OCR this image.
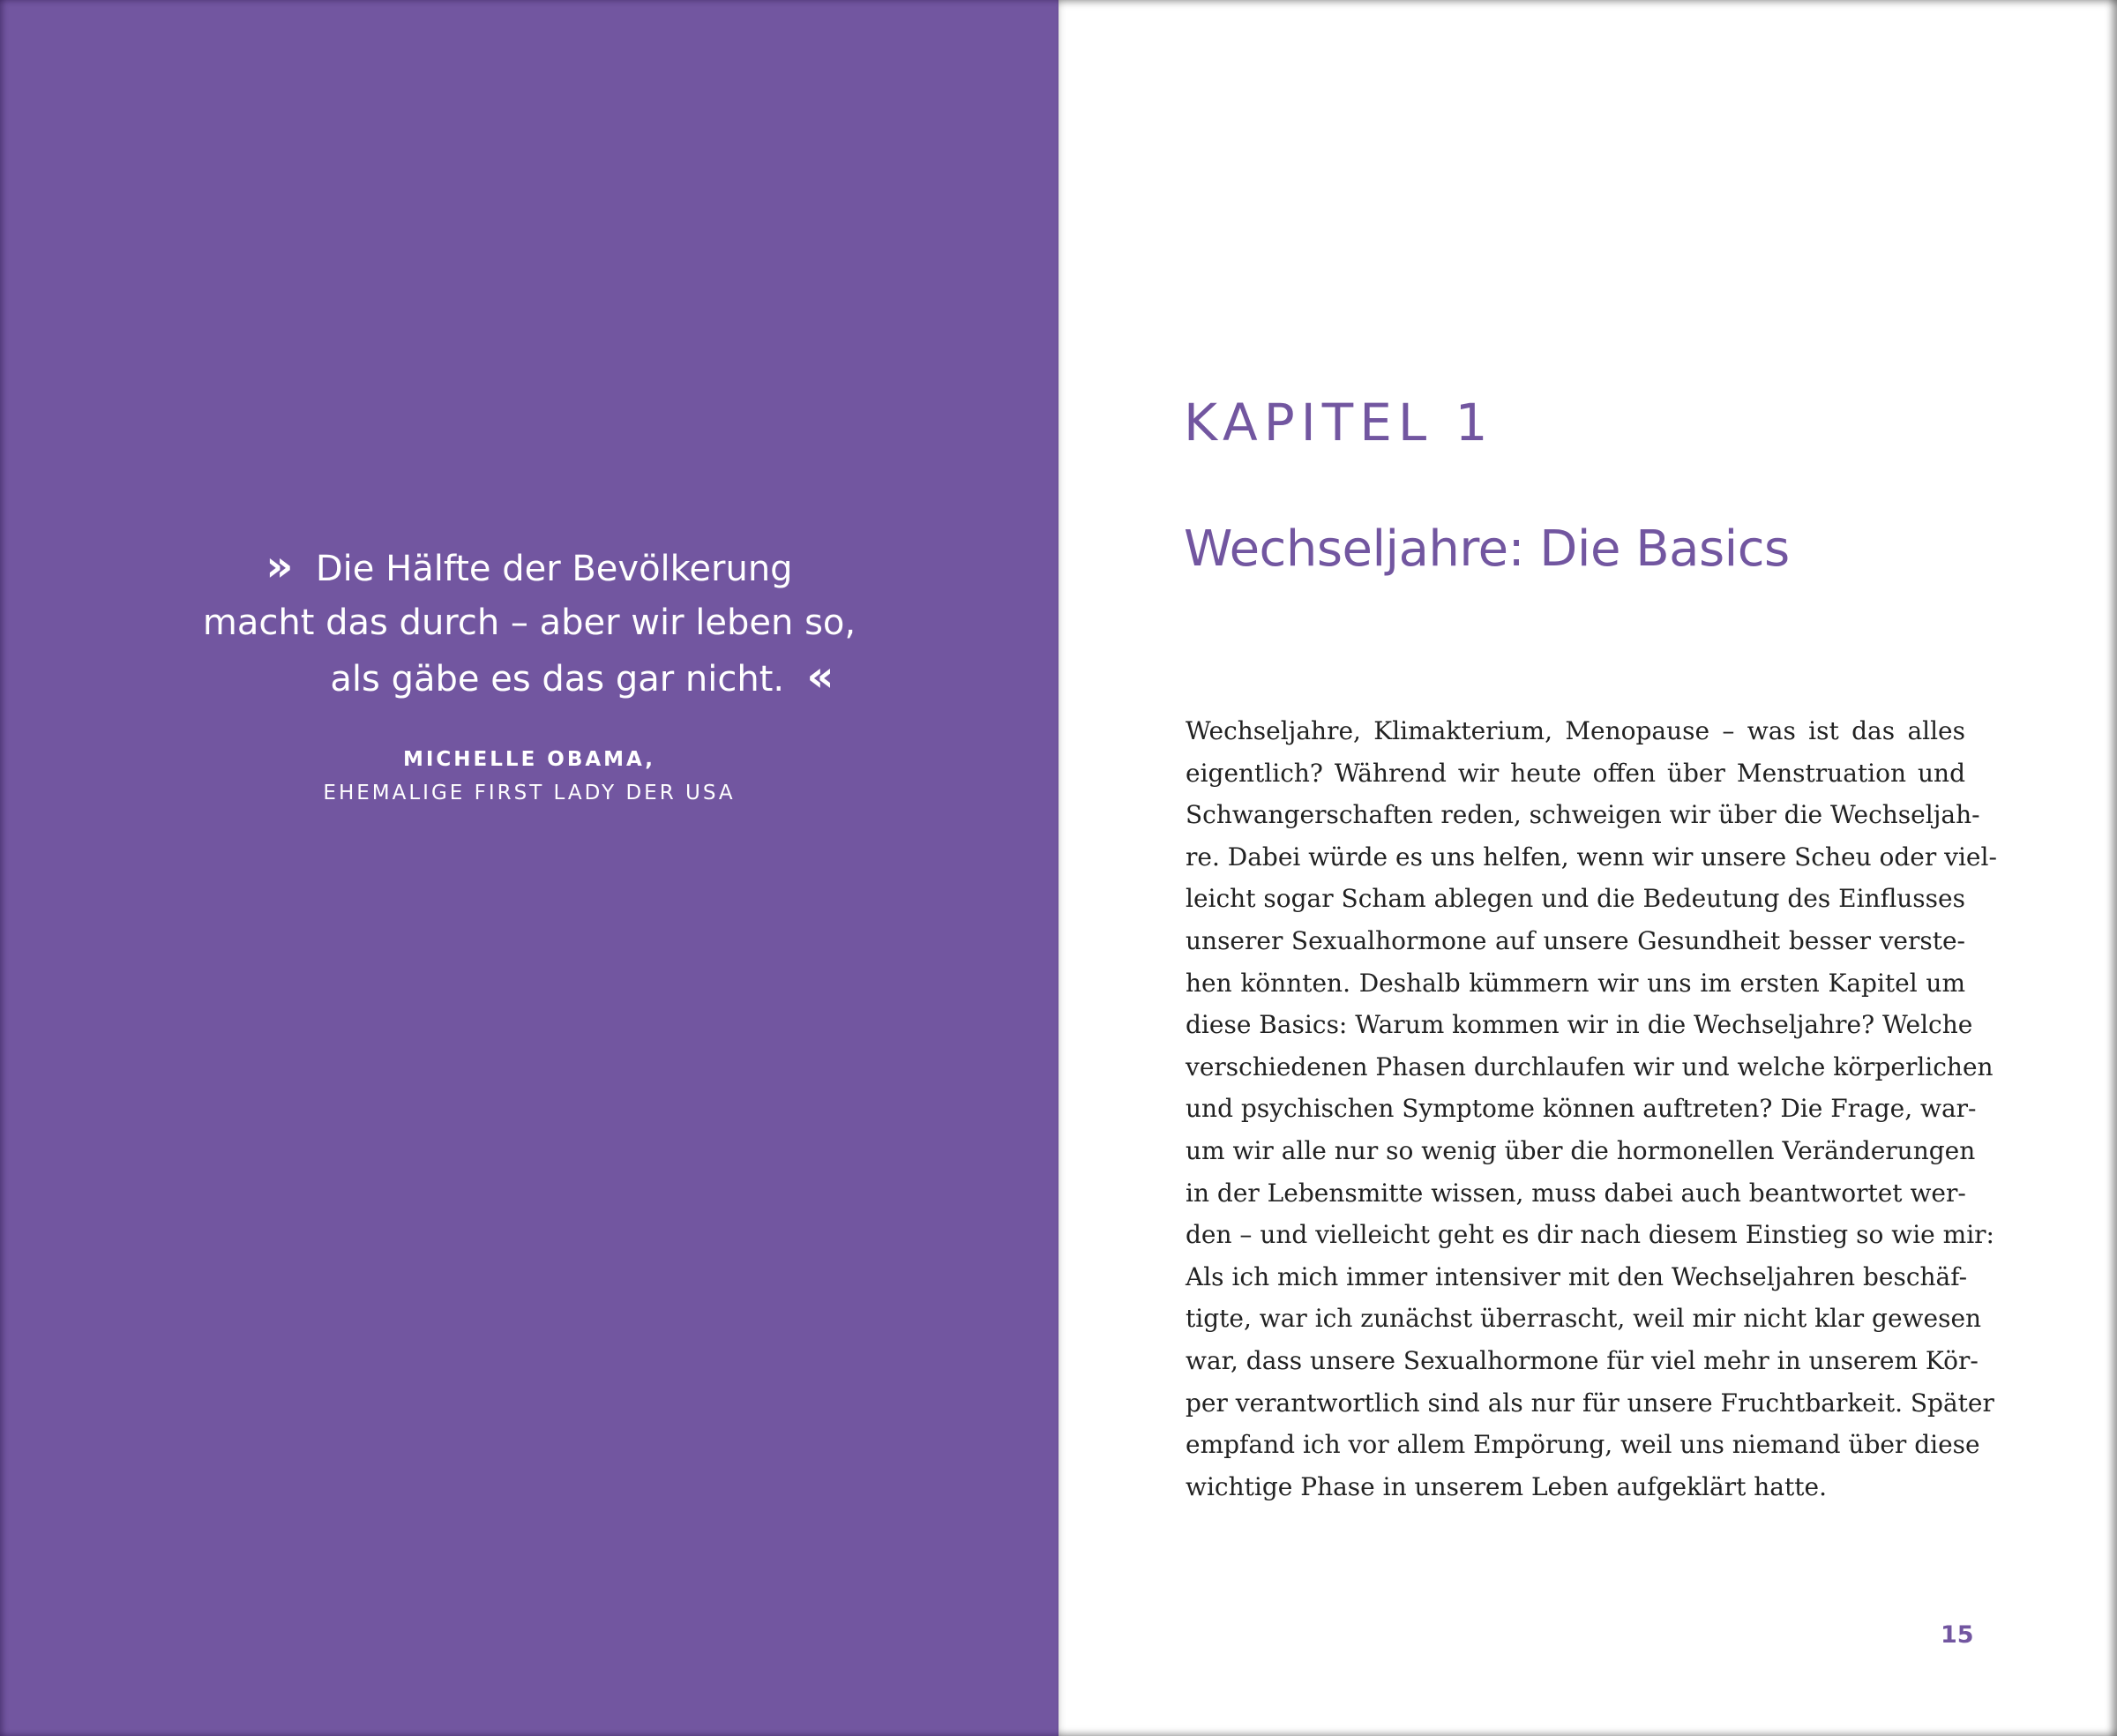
» Die Hälfte der Bevölkerung
macht das durch – aber wir leben so,
als gäbe es das gar nicht. «
MICHELLE OBAMA,
EHEMALIGE FIRST LADY DER USA
KAPITEL 1
Wechseljahre: Die Basics
Wechseljahre, Klimakterium, Menopause – was ist das alles
eigentlich? Während wir heute offen über Menstruation und
Schwangerschaften reden, schweigen wir über die Wechseljah-
re. Dabei würde es uns helfen, wenn wir unsere Scheu oder viel-
leicht sogar Scham ablegen und die Bedeutung des Einflusses
unserer Sexualhormone auf unsere Gesundheit besser verste-
hen könnten. Deshalb kümmern wir uns im ersten Kapitel um
diese Basics: Warum kommen wir in die Wechseljahre? Welche
verschiedenen Phasen durchlaufen wir und welche körperlichen
und psychischen Symptome können auftreten? Die Frage, war-
um wir alle nur so wenig über die hormonellen Veränderungen
in der Lebensmitte wissen, muss dabei auch beantwortet wer-
den – und vielleicht geht es dir nach diesem Einstieg so wie mir:
Als ich mich immer intensiver mit den Wechseljahren beschäf-
tigte, war ich zunächst überrascht, weil mir nicht klar gewesen
war, dass unsere Sexualhormone für viel mehr in unserem Kör-
per verantwortlich sind als nur für unsere Fruchtbarkeit. Später
empfand ich vor allem Empörung, weil uns niemand über diese
wichtige Phase in unserem Leben aufgeklärt hatte.
15
